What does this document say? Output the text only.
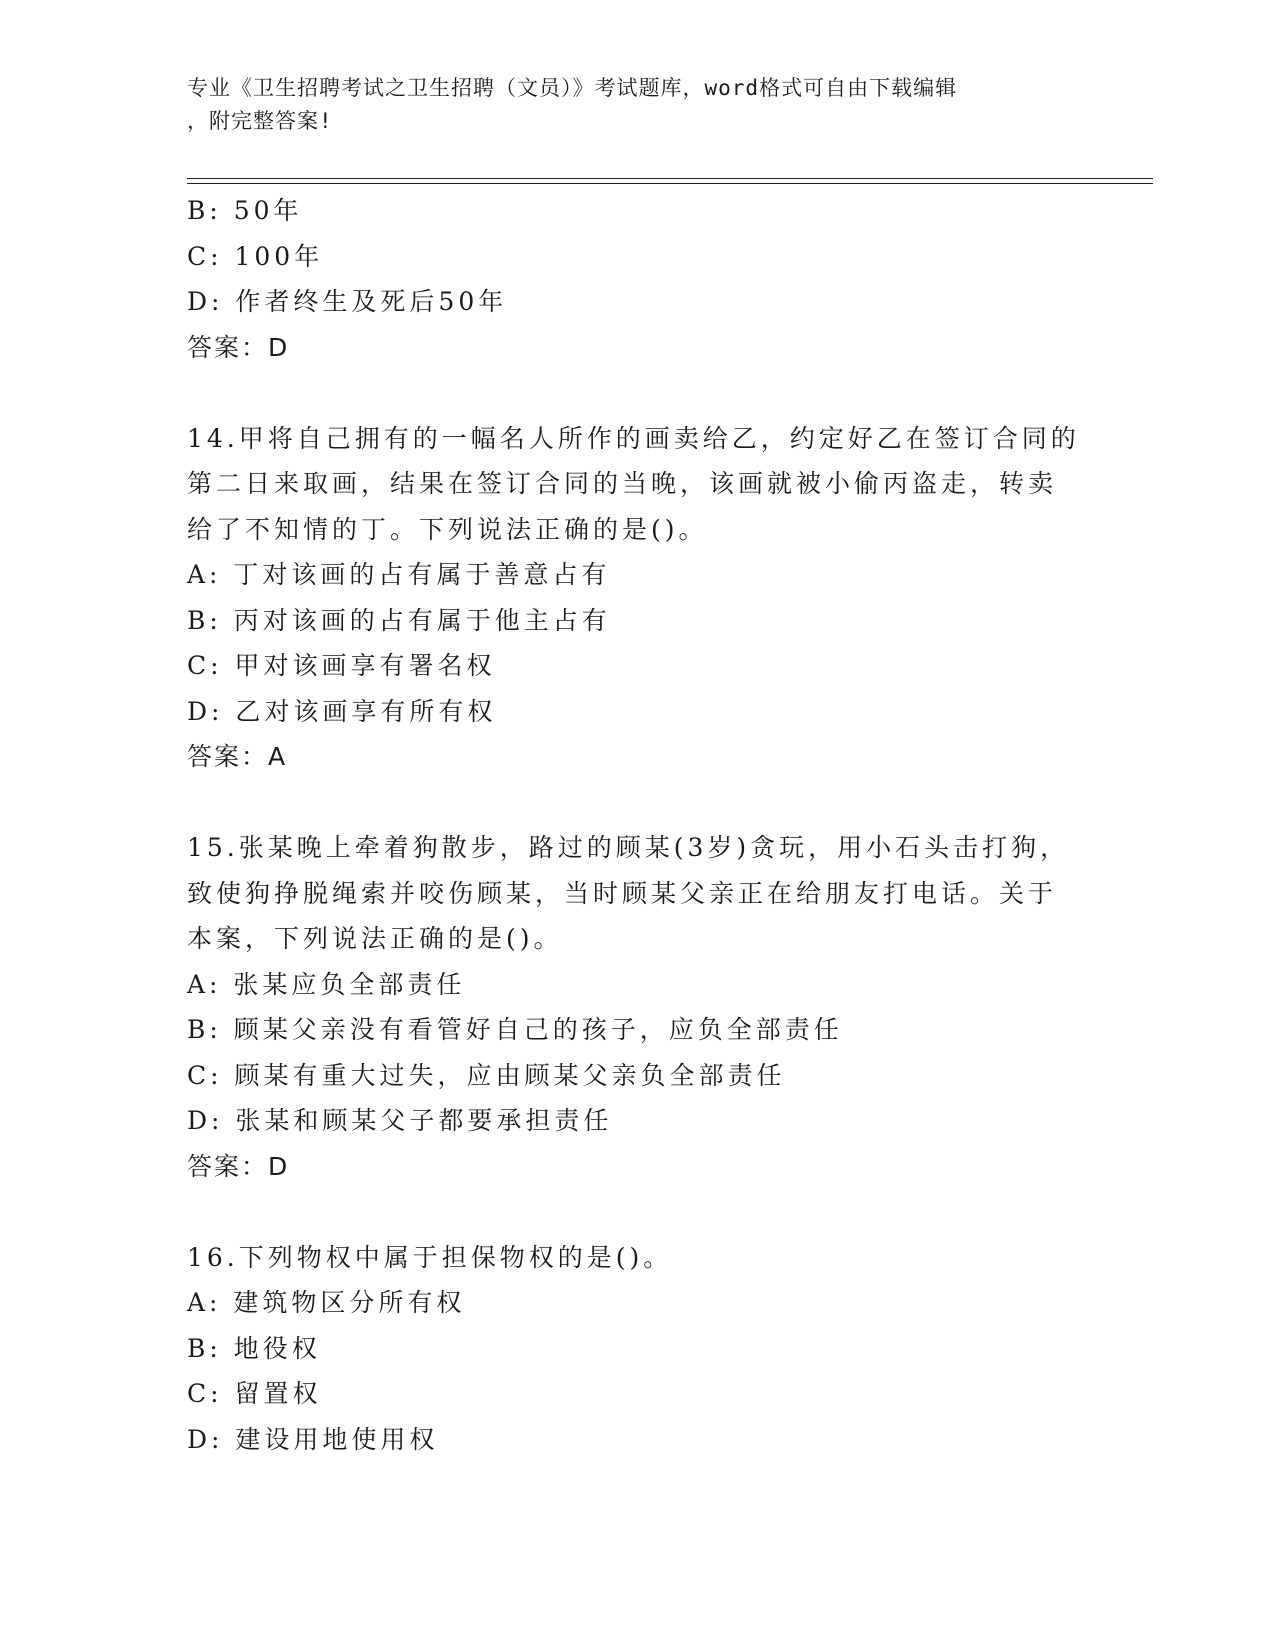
专业《卫生招聘考试之卫生招聘（文员）》考试题库，word格式可自由下载编辑
，附完整答案!
B: 50年
C: 100年
D: 作者终生及死后50年
答案：D
14.甲将自己拥有的一幅名人所作的画卖给乙，约定好乙在签订合同的
第二日来取画，结果在签订合同的当晚，该画就被小偷丙盗走，转卖
给了不知情的丁。下列说法正确的是()。
A: 丁对该画的占有属于善意占有
B: 丙对该画的占有属于他主占有
C: 甲对该画享有署名权
D: 乙对该画享有所有权
答案：A
15.张某晚上牵着狗散步，路过的顾某(3岁)贪玩，用小石头击打狗，
致使狗挣脱绳索并咬伤顾某，当时顾某父亲正在给朋友打电话。关于
本案，下列说法正确的是()。
A: 张某应负全部责任
B: 顾某父亲没有看管好自己的孩子，应负全部责任
C: 顾某有重大过失，应由顾某父亲负全部责任
D: 张某和顾某父子都要承担责任
答案：D
16.下列物权中属于担保物权的是()。
A: 建筑物区分所有权
B: 地役权
C: 留置权
D: 建设用地使用权
